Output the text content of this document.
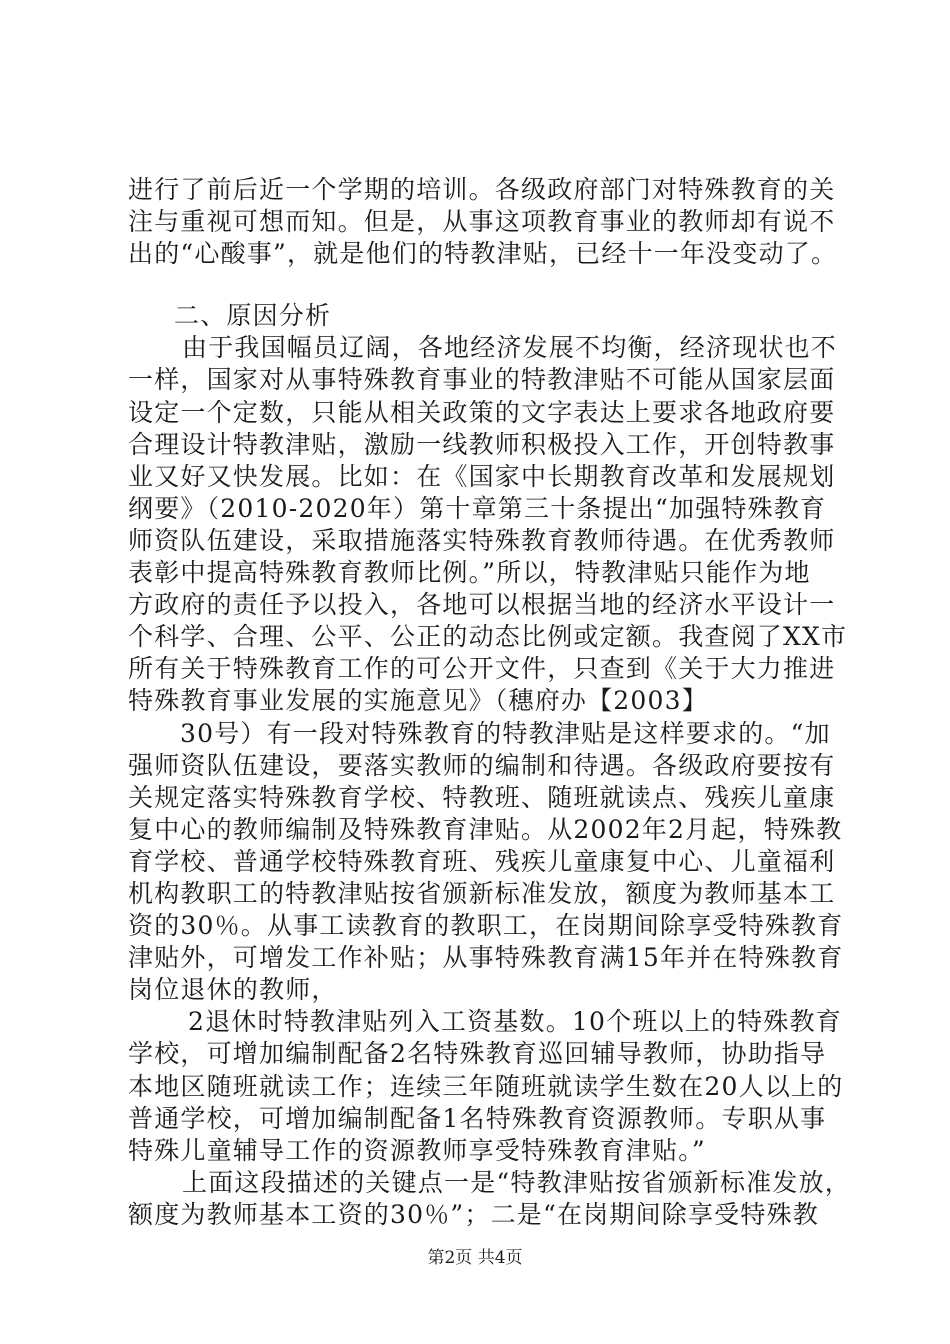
进行了前后近一个学期的培训。各级政府部门对特殊教育的关
注与重视可想而知。但是，从事这项教育事业的教师却有说不
出的“心酸事”，就是他们的特教津贴，已经十一年没变动了。
二、原因分析
由于我国幅员辽阔，各地经济发展不均衡，经济现状也不
一样，国家对从事特殊教育事业的特教津贴不可能从国家层面
设定一个定数，只能从相关政策的文字表达上要求各地政府要
合理设计特教津贴，激励一线教师积极投入工作，开创特教事
业又好又快发展。比如：在《国家中长期教育改革和发展规划
纲要》（2010-2020年）第十章第三十条提出“加强特殊教育
师资队伍建设，采取措施落实特殊教育教师待遇。在优秀教师
表彰中提高特殊教育教师比例。”所以，特教津贴只能作为地
方政府的责任予以投入，各地可以根据当地的经济水平设计一
个科学、合理、公平、公正的动态比例或定额。我查阅了XX市
所有关于特殊教育工作的可公开文件，只查到《关于大力推进
特殊教育事业发展的实施意见》（穗府办【2003】
30号）有一段对特殊教育的特教津贴是这样要求的。“加
强师资队伍建设，要落实教师的编制和待遇。各级政府要按有
关规定落实特殊教育学校、特教班、随班就读点、残疾儿童康
复中心的教师编制及特殊教育津贴。从2002年2月起，特殊教
育学校、普通学校特殊教育班、残疾儿童康复中心、儿童福利
机构教职工的特教津贴按省颁新标准发放，额度为教师基本工
资的30％。从事工读教育的教职工，在岗期间除享受特殊教育
津贴外，可增发工作补贴；从事特殊教育满15年并在特殊教育
岗位退休的教师，
2退休时特教津贴列入工资基数。10个班以上的特殊教育
学校，可增加编制配备2名特殊教育巡回辅导教师，协助指导
本地区随班就读工作；连续三年随班就读学生数在20人以上的
普通学校，可增加编制配备1名特殊教育资源教师。专职从事
特殊儿童辅导工作的资源教师享受特殊教育津贴。”
上面这段描述的关键点一是“特教津贴按省颁新标准发放，
额度为教师基本工资的30％”；二是“在岗期间除享受特殊教
第2页 共4页
